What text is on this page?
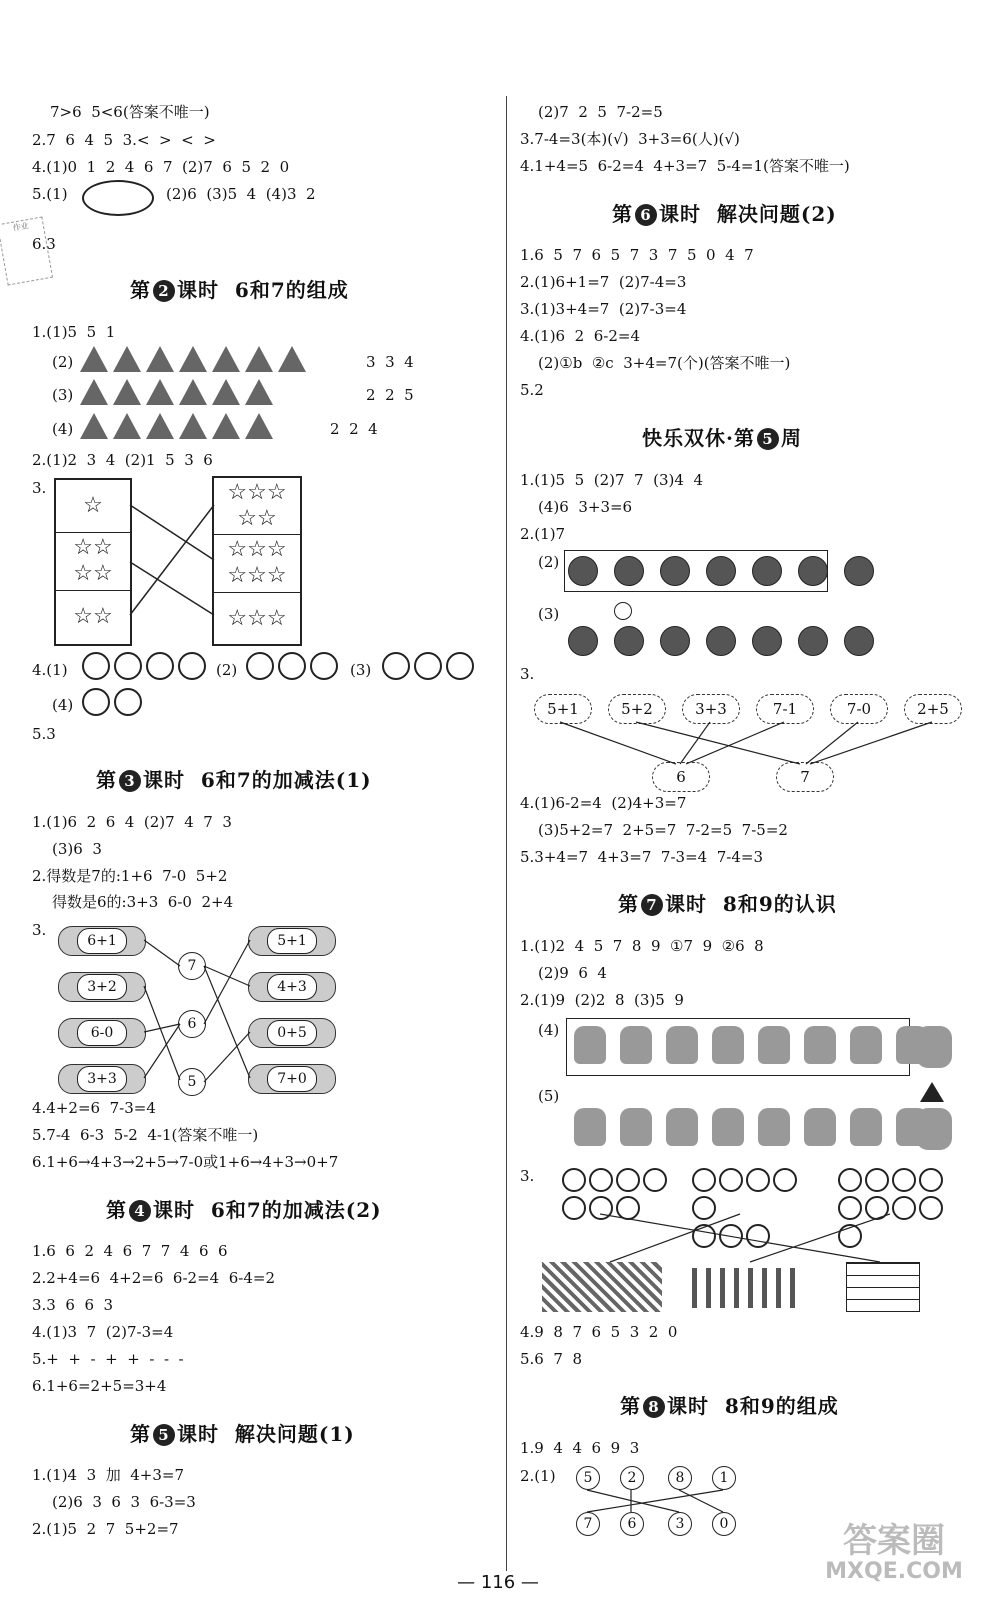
7>6  5<6(答案不唯一)
2.7  6  4  5  3.<  >  <  >
4.(1)0  1  2  4  6  7  (2)7  6  5  2  0
5.(1)	(2)6  (3)5  4  (4)3  2
6.3
第 2 课时  6和7的组成
1.(1)5  5  1
(2)	3  3  4
(3)	2  2  5
(4)	2  2  4
2.(1)2  3  4  (2)1  5  3  6
3.
☆
☆☆
☆☆
☆☆
☆☆☆
☆☆
☆☆☆
☆☆☆
☆☆☆
4.(1)	(2)	(3)
(4)
5.3
第 3 课时  6和7的加减法(1)
1.(1)6  2  6  4  (2)7  4  7  3
(3)6  3
2.得数是7的:1+6  7-0  5+2
得数是6的:3+3  6-0  2+4
3.
6+1
3+2
6-0
3+3
5+1
4+3
0+5
7+0
7
6
5
4.4+2=6  7-3=4
5.7-4  6-3  5-2  4-1(答案不唯一)
6.1+6→4+3→2+5→7-0或1+6→4+3→0+7
第 4 课时  6和7的加减法(2)
1.6  6  2  4  6  7  7  4  6  6
2.2+4=6  4+2=6  6-2=4  6-4=2
3.3  6  6  3
4.(1)3  7  (2)7-3=4
5.+  +  -  +  +  -  -  -
6.1+6=2+5=3+4
第 5 课时  解决问题(1)
1.(1)4  3  加  4+3=7
(2)6  3  6  3  6-3=3
2.(1)5  2  7  5+2=7
作业
(2)7  2  5  7-2=5
3.7-4=3(本)(√)  3+3=6(人)(√)
4.1+4=5  6-2=4  4+3=7  5-4=1(答案不唯一)
第 6 课时  解决问题(2)
1.6  5  7  6  5  7  3  7  5  0  4  7
2.(1)6+1=7  (2)7-4=3
3.(1)3+4=7  (2)7-3=4
4.(1)6  2  6-2=4
(2)①b  ②c  3+4=7(个)(答案不唯一)
5.2
快乐双休·第 5 周
1.(1)5  5  (2)7  7  (3)4  4
(4)6  3+3=6
2.(1)7
(2)
(3)
3.
5+1	5+2	3+3	7-1	7-0	2+5
6	7
4.(1)6-2=4  (2)4+3=7
(3)5+2=7  2+5=7  7-2=5  7-5=2
5.3+4=7  4+3=7  7-3=4  7-4=3
第 7 课时  8和9的认识
1.(1)2  4  5  7  8  9  ①7  9  ②6  8
(2)9  6  4
2.(1)9  (2)2  8  (3)5  9
(4)
(5)
3.

4.9  8  7  6  5  3  2  0
5.6  7  8
第 8 课时  8和9的组成
1.9  4  4  6  9  3
2.(1)	5	2	8	1
7	6	3	0	答案圈
MXQE.COM
— 116 —
